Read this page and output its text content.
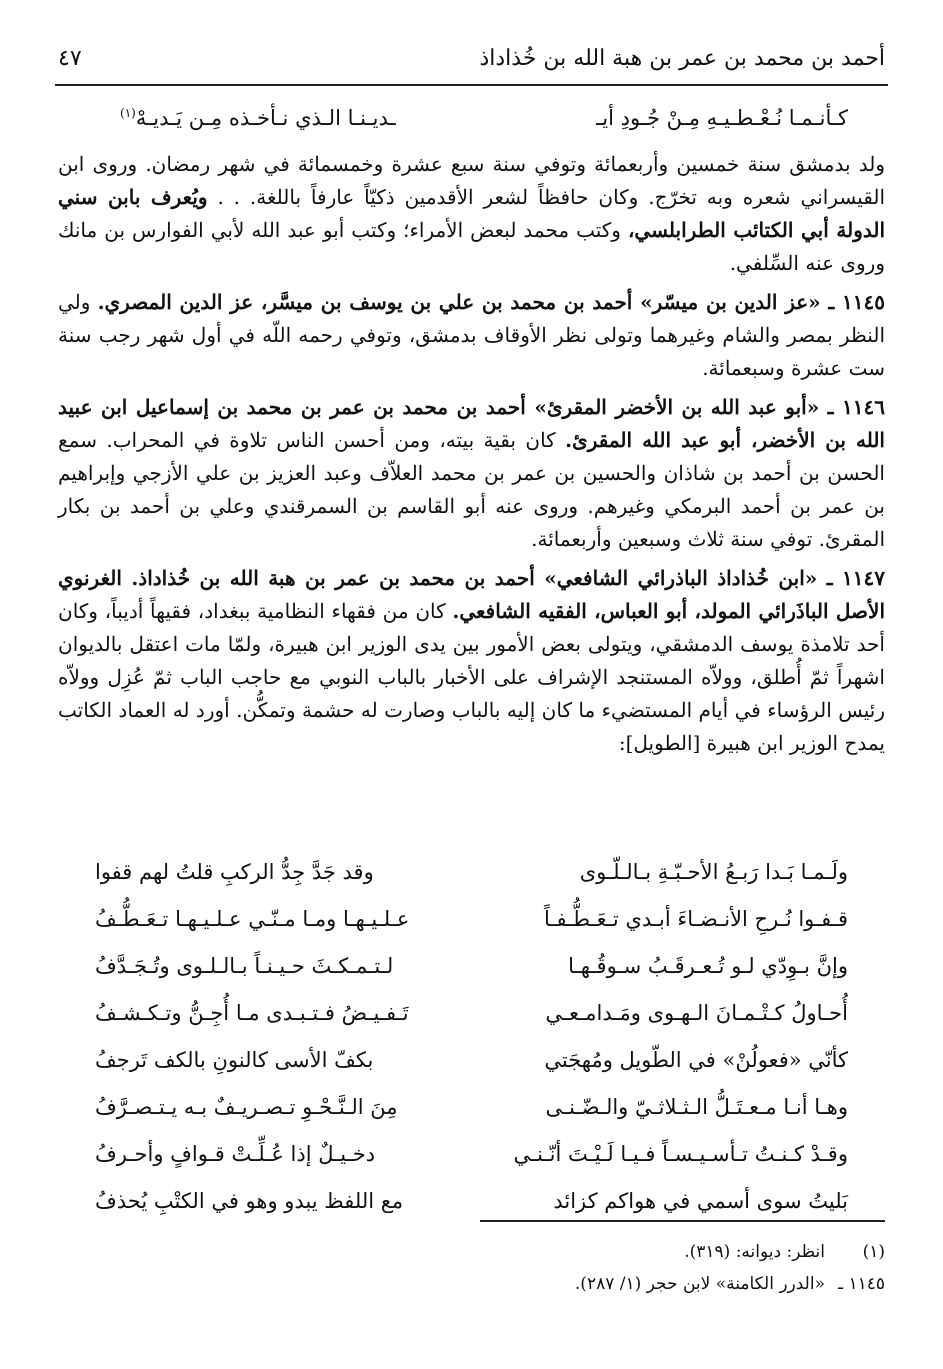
أحمد بن محمد بن عمر بن هبة الله بن خُذاداذ
٤٧
كـأنـمـا نُـعْـطـيـهِ مِـنْ جُـودِ أيـ
ـديـنـا الـذي نـأخـذه مِـن يَـديـهْ$^{(١)}$

ولد بدمشق سنة خمسين وأربعمائة وتوفي سنة سبع عشرة وخمسمائة في شهر رمضان. وروى ابن القيسراني شعره وبه تخرّج. وكان حافظاً لشعر الأقدمين ذكيّاً عارفاً باللغة. . . ويُعرف بابن سني الدولة أبي الكتائب الطرابلسي، وكتب محمد لبعض الأمراء؛ وكتب أبو عبد الله لأبي الفوارس بن مانك وروى عنه السِّلفي.

١١٤٥ ـ «عز الدين بن ميسّر» أحمد بن محمد بن علي بن يوسف بن ميسَّر، عز الدين المصري. ولي النظر بمصر والشام وغيرهما وتولى نظر الأوقاف بدمشق، وتوفي رحمه اللّه في أول شهر رجب سنة ست عشرة وسبعمائة.

١١٤٦ ـ «أبو عبد الله بن الأخضر المقرئ» أحمد بن محمد بن عمر بن محمد بن إسماعيل ابن عبيد الله بن الأخضر، أبو عبد الله المقرئ. كان بقية بيته، ومن أحسن الناس تلاوة في المحراب. سمع الحسن بن أحمد بن شاذان والحسين بن عمر بن محمد العلاّف وعبد العزيز بن علي الأزجي وإبراهيم بن عمر بن أحمد البرمكي وغيرهم. وروى عنه أبو القاسم بن السمرقندي وعلي بن أحمد بن بكار المقرئ. توفي سنة ثلاث وسبعين وأربعمائة.

١١٤٧ ـ «ابن خُذاداذ الباذرائي الشافعي» أحمد بن محمد بن عمر بن هبة الله بن خُذاداذ. الغرنوي الأصل الباذَرائي المولد، أبو العباس، الفقيه الشافعي. كان من فقهاء النظامية ببغداد، فقيهاً أديباً، وكان أحد تلامذة يوسف الدمشقي، ويتولى بعض الأمور بين يدى الوزير ابن هبيرة، ولمّا مات اعتقل بالديوان اشهراً ثمّ أُطلق، وولاّه المستنجد الإشراف على الأخبار بالباب النوبي مع حاجب الباب ثمّ عُزِل وولاّه رئيس الرؤساء في أيام المستضيء ما كان إليه بالباب وصارت له حشمة وتمكُّن. أورد له العماد الكاتب يمدح الوزير ابن هبيرة [الطويل]:

ولَـمـا بَـدا رَبـعُ الأحـبّـةِ بـالـلّـوى
وقد جَدَّ جِدُّ الركبِ قلتُ لهم قفوا
قـفـوا نُـرحِ الأنـضـاءَ أبـدي تـعَـطُّـفـاً
عـلـيـهـا ومـا مـنّـي عـلـيـهـا تـعَـطُّـفُ
وإنَّ بـوِدّي لـو تُـعـرقَـبُ سـوقُـهـا
لـتـمـكـثَ حـيـنـاً بـالـلـوى وتُـجَـدَّفُ
أُحـاولُ كـتْـمـانَ الـهـوى ومَـدامـعـي
تَـفـيـضُ فـتـبـدى مـا أُجِـنُّ وتـكـشـفُ
كأنّي «فعولُنْ» في الطّويل ومُهجَتي
بكفّ الأسى كالنونِ بالكف تَرجفُ
وهـا أنـا مـعـتَـلُّ الـثـلاثـيّ والـضّـنـى
مِنَ الـنَّـحْـوِ تـصـريـفٌ بـه يـتـصـرَّفُ
وقـدْ كـنـتُ تـأسـيـسـاً فـيـا لَـيْـتَ أنّـنـي
دخـيـلٌ إذا عُـلِّـتْ قـوافٍ وأحـرفُ
بَليتُ سوى أسمي في هواكم كزائد
مع اللفظ يبدو وهو في الكتْبِ يُحذفُ
(١)انظر: ديوانه: (٣١٩).
١١٤٥ ـ«الدرر الكامنة» لابن حجر (١/ ٢٨٧).
